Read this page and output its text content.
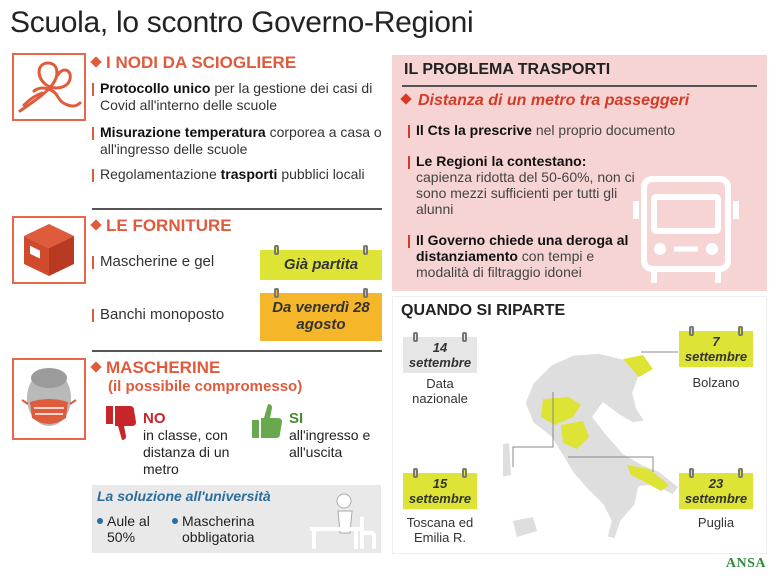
Scuola, lo scontro Governo-Regioni
I NODI DA SCIOGLIERE
Protocollo unico per la gestione dei casi di Covid all'interno delle scuole
Misurazione temperatura corporea a casa o all'ingresso delle scuole
Regolamentazione trasporti pubblici locali
LE FORNITURE
Mascherine e gel	Già partita
Banchi monoposto	Da venerdì 28 agosto
MASCHERINE
(il possibile compromesso)
NO
in classe, con distanza di un metro
SI
all'ingresso e all'uscita
La soluzione all'università
Aule al 50%
Mascherina obbligatoria
IL PROBLEMA TRASPORTI
Distanza di un metro tra passeggeri
Il Cts la prescrive nel proprio documento
Le Regioni la contestano: capienza ridotta del 50-60%, non ci sono mezzi sufficienti per tutti gli alunni
Il Governo chiede una deroga al distanziamento con tempi e modalità di filtraggio idonei
QUANDO SI RIPARTE
14
settembre
Data nazionale
7
settembre
Bolzano
15
settembre
Toscana ed Emilia R.
23
settembre
Puglia
ANSA
